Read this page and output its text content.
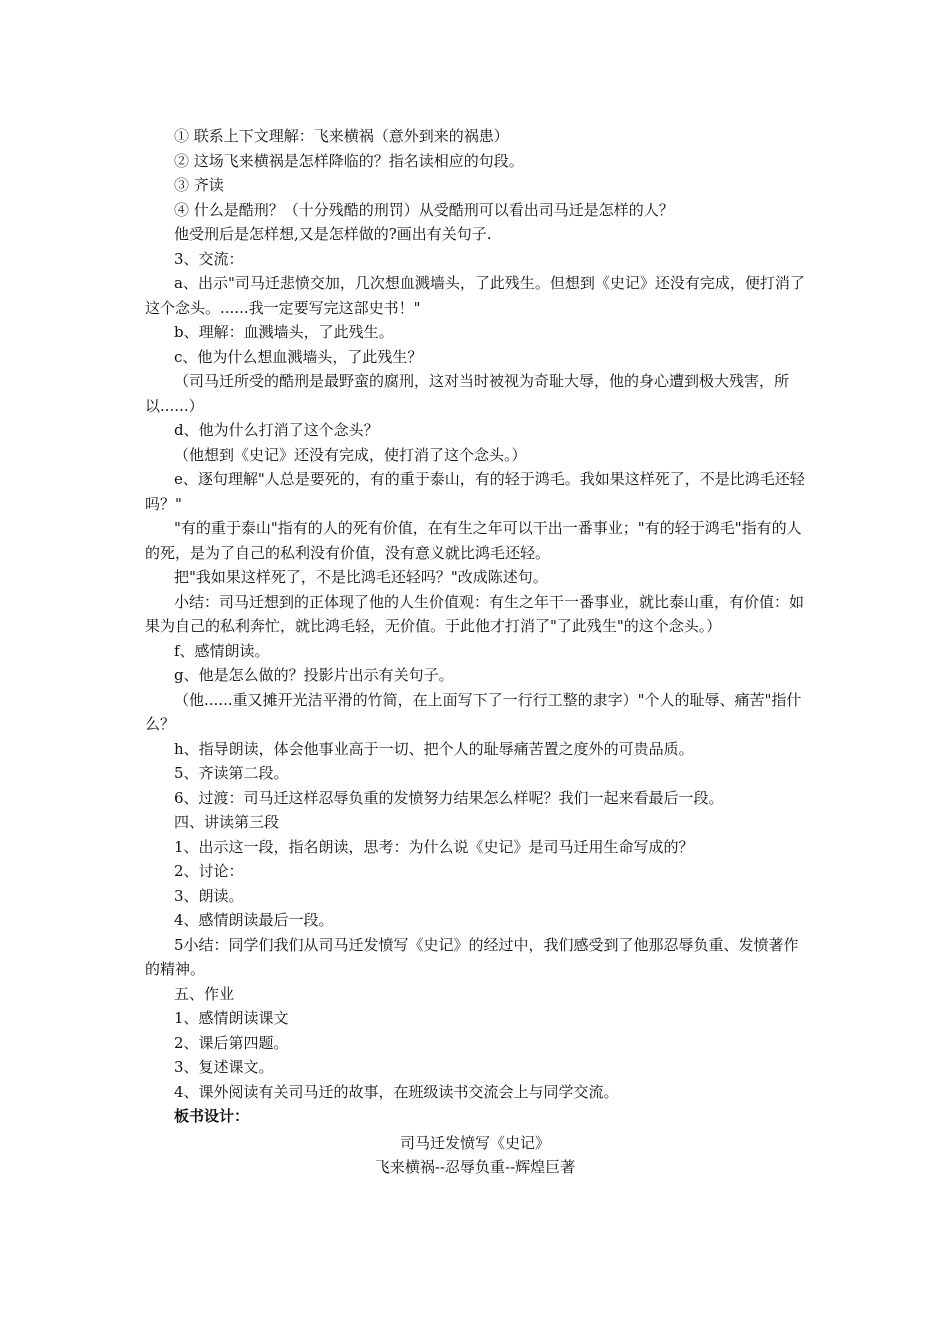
① 联系上下文理解：飞来横祸（意外到来的祸患）

② 这场飞来横祸是怎样降临的？指名读相应的句段。

③ 齐读

④ 什么是酷刑？（十分残酷的刑罚）从受酷刑可以看出司马迁是怎样的人？

他受刑后是怎样想,又是怎样做的?画出有关句子.

3、交流：

a、出示"司马迁悲愤交加，几次想血溅墙头，了此残生。但想到《史记》还没有完成，便打消了这个念头。......我一定要写完这部史书！"

b、理解：血溅墙头，了此残生。

c、他为什么想血溅墙头，了此残生？

（司马迁所受的酷刑是最野蛮的腐刑，这对当时被视为奇耻大辱，他的身心遭到极大残害，所以......）

d、他为什么打消了这个念头？

（他想到《史记》还没有完成，使打消了这个念头。）

e、逐句理解"人总是要死的，有的重于泰山，有的轻于鸿毛。我如果这样死了，不是比鸿毛还轻吗？"

"有的重于泰山"指有的人的死有价值，在有生之年可以干出一番事业；"有的轻于鸿毛"指有的人的死，是为了自己的私利没有价值，没有意义就比鸿毛还轻。

把"我如果这样死了，不是比鸿毛还轻吗？"改成陈述句。

小结：司马迁想到的正体现了他的人生价值观：有生之年干一番事业，就比泰山重，有价值：如果为自己的私利奔忙，就比鸿毛轻，无价值。于此他才打消了"了此残生"的这个念头。）

f、感情朗读。

g、他是怎么做的？投影片出示有关句子。

（他......重又摊开光洁平滑的竹简，在上面写下了一行行工整的隶字）"个人的耻辱、痛苦"指什么？

h、指导朗读，体会他事业高于一切、把个人的耻辱痛苦置之度外的可贵品质。

5、齐读第二段。

6、过渡：司马迁这样忍辱负重的发愤努力结果怎么样呢？我们一起来看最后一段。

四、讲读第三段

1、出示这一段，指名朗读，思考：为什么说《史记》是司马迁用生命写成的？

2、讨论：

3、朗读。

4、感情朗读最后一段。

5小结：同学们我们从司马迁发愤写《史记》的经过中，我们感受到了他那忍辱负重、发愤著作的精神。

五、作业

1、感情朗读课文

2、课后第四题。

3、复述课文。

4、课外阅读有关司马迁的故事，在班级读书交流会上与同学交流。

板书设计：

司马迁发愤写《史记》

飞来横祸--忍辱负重--辉煌巨著
